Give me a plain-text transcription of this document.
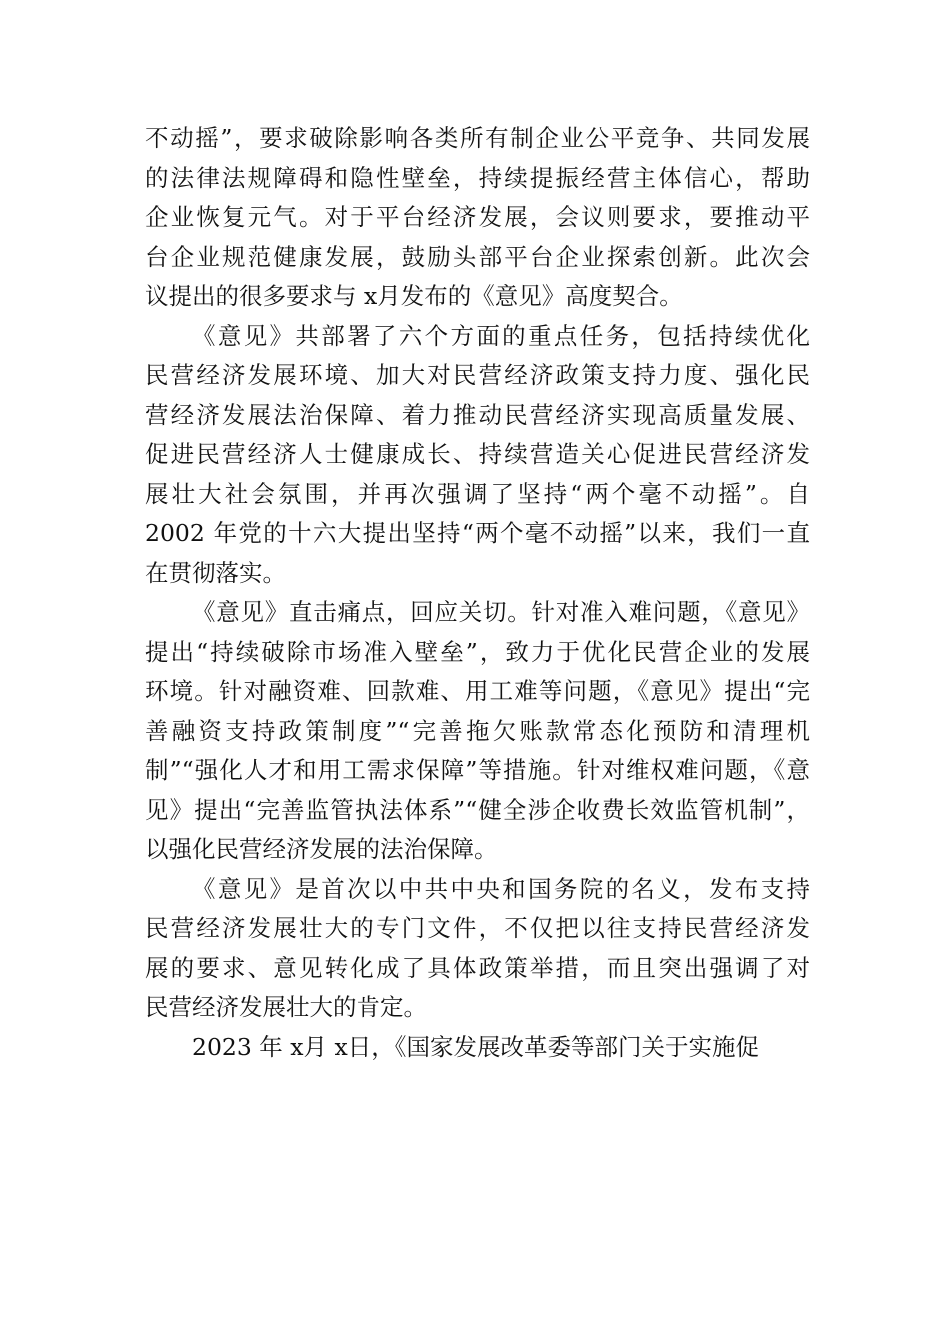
不动摇”，要求破除影响各类所有制企业公平竞争、共同发展

的法律法规障碍和隐性壁垒，持续提振经营主体信心，帮助

企业恢复元气。对于平台经济发展，会议则要求，要推动平

台企业规范健康发展，鼓励头部平台企业探索创新。此次会

议提出的很多要求与 x月发布的《意见》高度契合。

《意见》共部署了六个方面的重点任务，包括持续优化

民营经济发展环境、加大对民营经济政策支持力度、强化民

营经济发展法治保障、着力推动民营经济实现高质量发展、

促进民营经济人士健康成长、持续营造关心促进民营经济发

展壮大社会氛围，并再次强调了坚持“两个毫不动摇”。自

2002 年党的十六大提出坚持“两个毫不动摇”以来，我们一直

在贯彻落实。

《意见》直击痛点，回应关切。针对准入难问题，《意见》

提出“持续破除市场准入壁垒”，致力于优化民营企业的发展

环境。针对融资难、回款难、用工难等问题，《意见》提出“完

善融资支持政策制度”“完善拖欠账款常态化预防和清理机

制”“强化人才和用工需求保障”等措施。针对维权难问题，《意

见》提出“完善监管执法体系”“健全涉企收费长效监管机制”，

以强化民营经济发展的法治保障。

《意见》是首次以中共中央和国务院的名义，发布支持

民营经济发展壮大的专门文件，不仅把以往支持民营经济发

展的要求、意见转化成了具体政策举措，而且突出强调了对

民营经济发展壮大的肯定。

2023 年 x月 x日，《国家发展改革委等部门关于实施促
